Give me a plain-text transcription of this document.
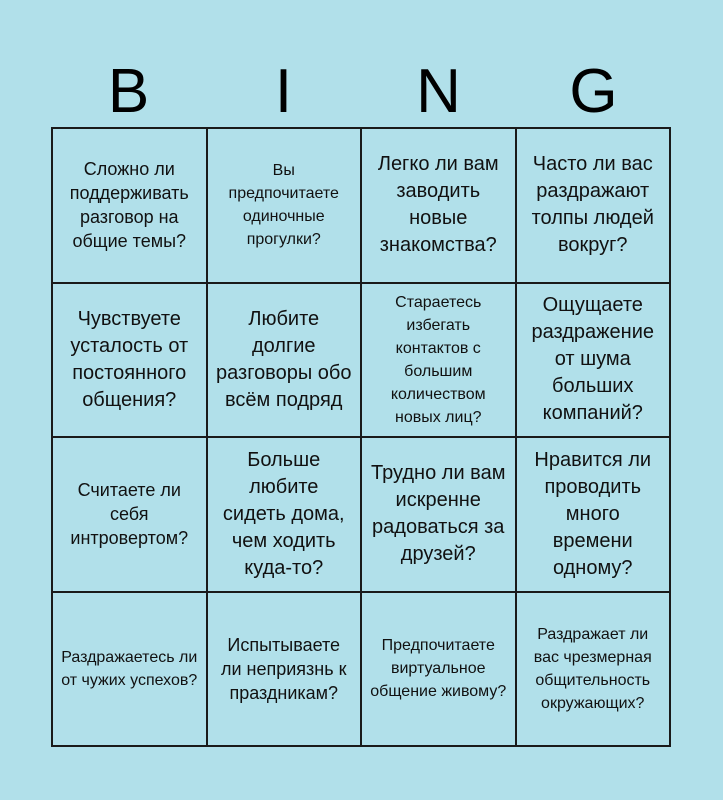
B	I	N	G
Сложно ли поддерживать разговор на общие темы?
Вы предпочитаете одиночные прогулки?
Легко ли вам заводить новые знакомства?
Часто ли вас раздражают толпы людей вокруг?
Чувствуете усталость от постоянного общения?
Любите долгие разговоры обо всём подряд
Стараетесь избегать контактов с большим количеством новых лиц?
Ощущаете раздражение от шума больших компаний?
Считаете ли себя интровертом?
Больше любите сидеть дома, чем ходить куда-то?
Трудно ли вам искренне радоваться за друзей?
Нравится ли проводить много времени одному?
Раздражаетесь ли от чужих успехов?
Испытываете ли неприязнь к праздникам?
Предпочитаете виртуальное общение живому?
Раздражает ли вас чрезмерная общительность окружающих?
